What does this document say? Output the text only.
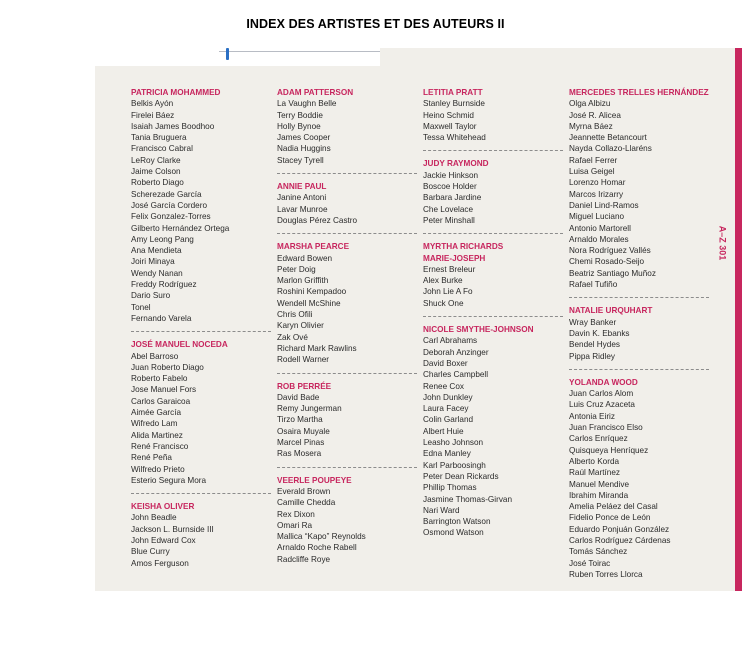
INDEX DES ARTISTES ET DES AUTEURS II
A–Z 301
PATRICIA MOHAMMED
Belkis Ayón
Firelei Báez
Isaiah James Boodhoo
Tania Bruguera
Francisco Cabral
LeRoy Clarke
Jaime Colson
Roberto Diago
Scherezade García
José García Cordero
Felix Gonzalez-Torres
Gilberto Hernández Ortega
Amy Leong Pang
Ana Mendieta
Joiri Minaya
Wendy Nanan
Freddy Rodríguez
Dario Suro
Tonel
Fernando Varela
JOSÉ MANUEL NOCEDA
Abel Barroso
Juan Roberto Diago
Roberto Fabelo
Jose Manuel Fors
Carlos Garaicoa
Aimée García
Wifredo Lam
Alida Martinez
René Francisco
René Peña
Wilfredo Prieto
Esterio Segura Mora
KEISHA OLIVER
John Beadle
Jackson L. Burnside III
John Edward Cox
Blue Curry
Amos Ferguson
ADAM PATTERSON
La Vaughn Belle
Terry Boddie
Holly Bynoe
James Cooper
Nadia Huggins
Stacey Tyrell
ANNIE PAUL
Janine Antoni
Lavar Munroe
Douglas Pérez Castro
MARSHA PEARCE
Edward Bowen
Peter Doig
Marlon Griffith
Roshini Kempadoo
Wendell McShine
Chris Ofili
Karyn Olivier
Zak Ové
Richard Mark Rawlins
Rodell Warner
ROB PERRÉE
David Bade
Remy Jungerman
Tirzo Martha
Osaira Muyale
Marcel Pinas
Ras Mosera
VEERLE POUPEYE
Everald Brown
Camille Chedda
Rex Dixon
Omari Ra
Mallica “Kapo” Reynolds
Arnaldo Roche Rabell
Radcliffe Roye
LETITIA PRATT
Stanley Burnside
Heino Schmid
Maxwell Taylor
Tessa Whitehead
JUDY RAYMOND
Jackie Hinkson
Boscoe Holder
Barbara Jardine
Che Lovelace
Peter Minshall
MYRTHA RICHARDS
MARIE-JOSEPH
Ernest Breleur
Alex Burke
John Lie A Fo
Shuck One
NICOLE SMYTHE-JOHNSON
Carl Abrahams
Deborah Anzinger
David Boxer
Charles Campbell
Renee Cox
John Dunkley
Laura Facey
Colin Garland
Albert Huie
Leasho Johnson
Edna Manley
Karl Parboosingh
Peter Dean Rickards
Phillip Thomas
Jasmine Thomas-Girvan
Nari Ward
Barrington Watson
Osmond Watson
MERCEDES TRELLES HERNÁNDEZ
Olga Albizu
José R. Alicea
Myrna Báez
Jeannette Betancourt
Nayda Collazo-Llaréns
Rafael Ferrer
Luisa Geigel
Lorenzo Homar
Marcos Irizarry
Daniel Lind-Ramos
Miguel Luciano
Antonio Martorell
Arnaldo Morales
Nora Rodríguez Vallés
Chemi Rosado-Seijo
Beatriz Santiago Muñoz
Rafael Tufiño
NATALIE URQUHART
Wray Banker
Davin K. Ebanks
Bendel Hydes
Pippa Ridley
YOLANDA WOOD
Juan Carlos Alom
Luis Cruz Azaceta
Antonia Eiriz
Juan Francisco Elso
Carlos Enríquez
Quisqueya Henríquez
Alberto Korda
Raúl Martínez
Manuel Mendive
Ibrahim Miranda
Amelia Peláez del Casal
Fidelio Ponce de León
Eduardo Ponjuán González
Carlos Rodríguez Cárdenas
Tomás Sánchez
José Toirac
Ruben Torres Llorca
